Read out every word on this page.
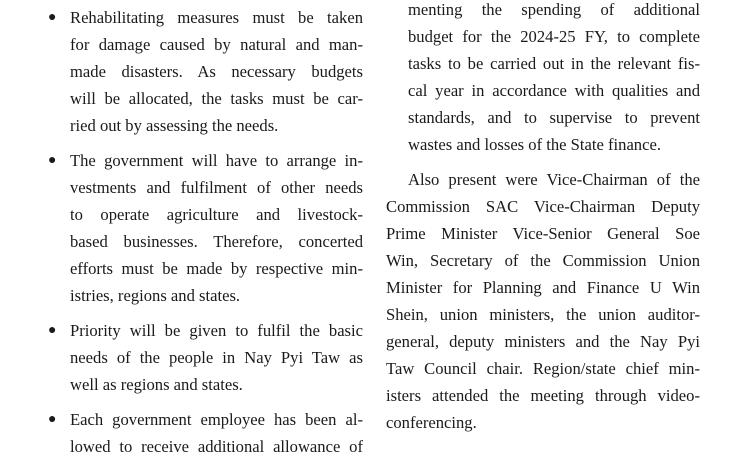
● Rehabilitating measures must be taken
for damage caused by natural and man-
made disasters. As necessary budgets
will be allocated, the tasks must be car-
ried out by assessing the needs.
● The government will have to arrange in-
vestments and fulfilment of other needs
to operate agriculture and livestock-
based businesses. Therefore, concerted
efforts must be made by respective min-
istries, regions and states.
● Priority will be given to fulfil the basic
needs of the people in Nay Pyi Taw as
well as regions and states.
● Each government employee has been al-
lowed to receive additional allowance of
menting the spending of additional
budget for the 2024-25 FY, to complete
tasks to be carried out in the relevant fis-
cal year in accordance with qualities and
standards, and to supervise to prevent
wastes and losses of the State finance.
Also present were Vice-Chairman of the
Commission SAC Vice-Chairman Deputy
Prime Minister Vice-Senior General Soe
Win, Secretary of the Commission Union
Minister for Planning and Finance U Win
Shein, union ministers, the union auditor-
general, deputy ministers and the Nay Pyi
Taw Council chair. Region/state chief min-
isters attended the meeting through video-
conferencing.
